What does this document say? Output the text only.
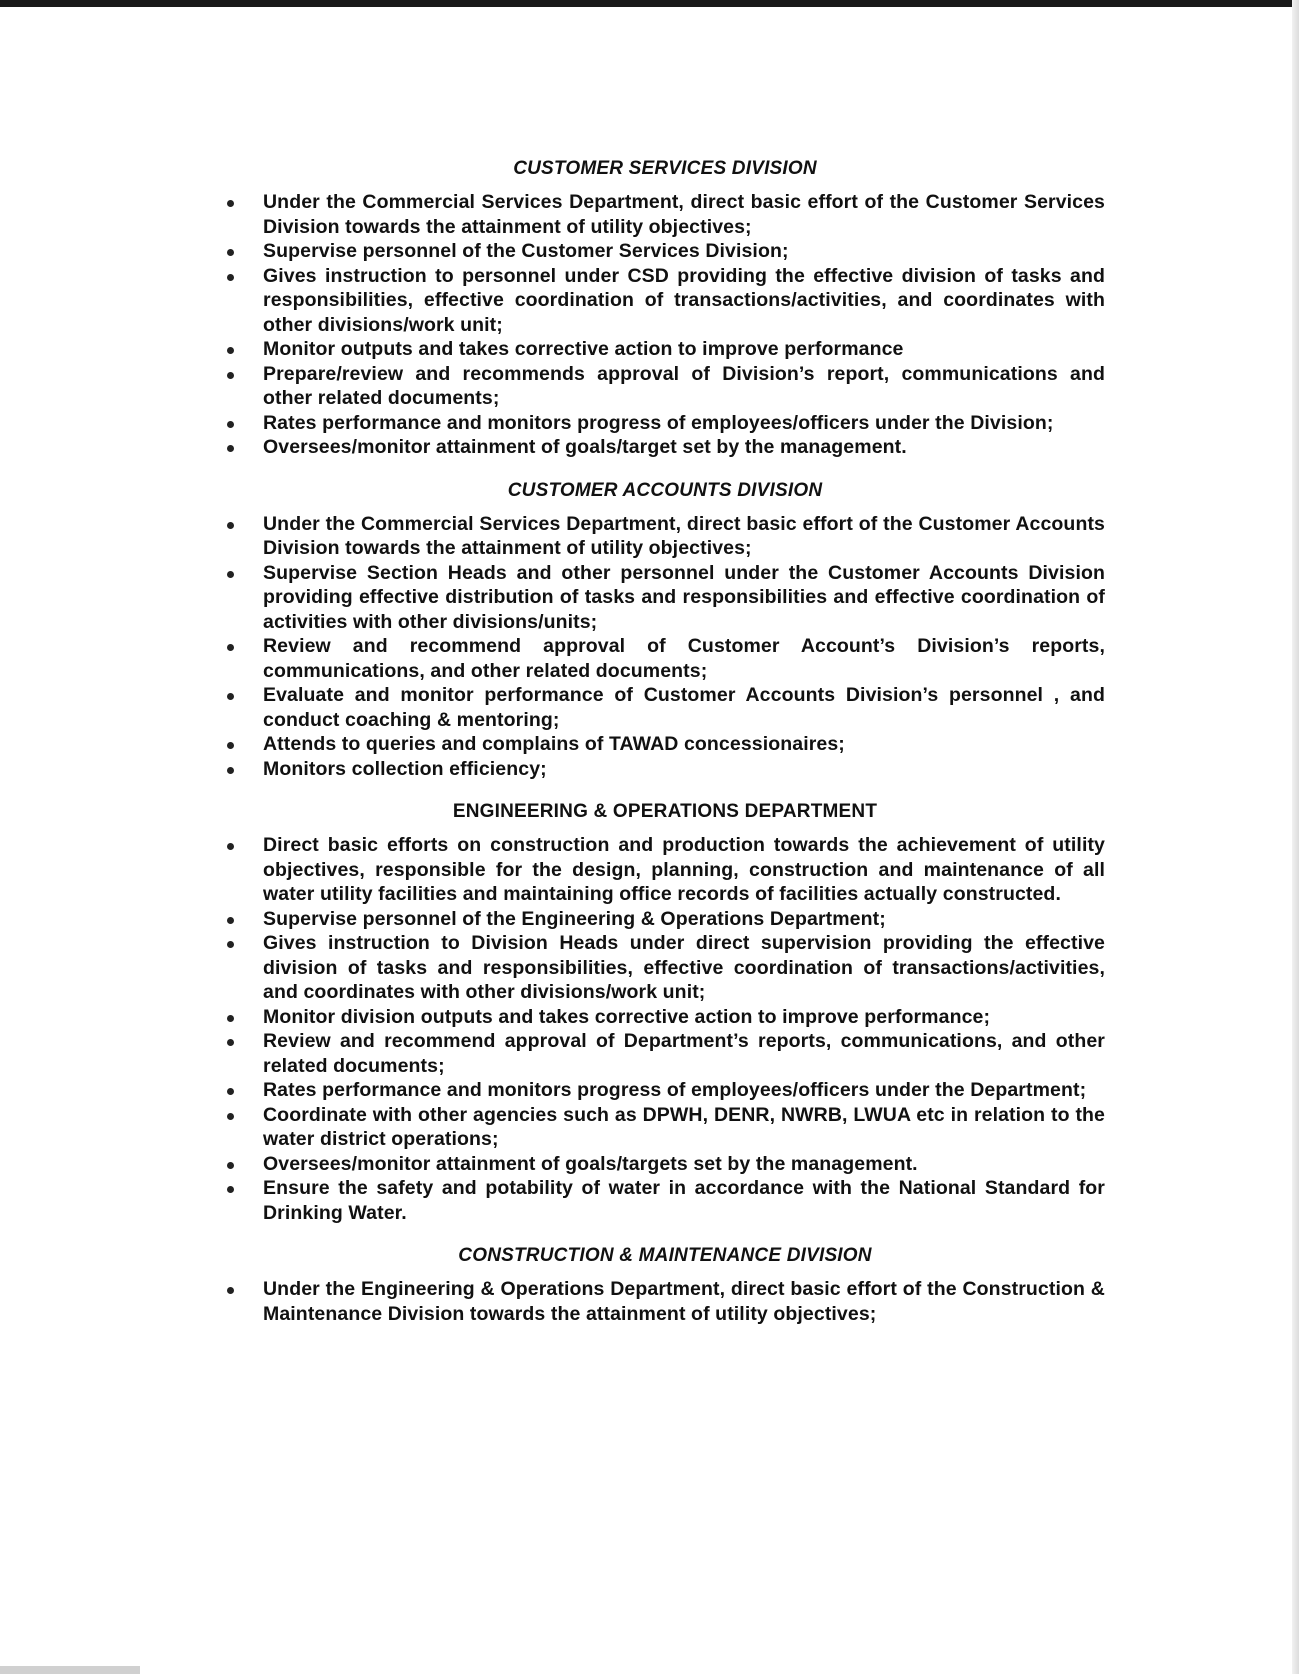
CUSTOMER SERVICES DIVISION
Under the Commercial Services Department, direct basic effort of the Customer Services Division towards the attainment of utility objectives;
Supervise personnel of the Customer Services Division;
Gives instruction to personnel under CSD providing the effective division of tasks and responsibilities, effective coordination of transactions/activities, and coordinates with other divisions/work unit;
Monitor outputs and takes corrective action to improve performance
Prepare/review and recommends approval of Division’s report, communications and other related documents;
Rates performance and monitors progress of employees/officers under the Division;
Oversees/monitor attainment of goals/target set by the management.
CUSTOMER ACCOUNTS DIVISION
Under the Commercial Services Department, direct basic effort of the Customer Accounts Division towards the attainment of utility objectives;
Supervise Section Heads and other personnel under the Customer Accounts Division providing effective distribution of tasks and responsibilities and effective coordination of activities with other divisions/units;
Review and recommend approval of Customer Account’s Division’s reports, communications, and other related documents;
Evaluate and monitor performance of Customer Accounts Division’s personnel , and conduct coaching & mentoring;
Attends to queries and complains of TAWAD concessionaires;
Monitors collection efficiency;
ENGINEERING & OPERATIONS DEPARTMENT
Direct basic efforts on construction and production towards the achievement of utility objectives, responsible for the design, planning, construction and maintenance of all water utility facilities and maintaining office records of facilities actually constructed.
Supervise personnel of the Engineering & Operations Department;
Gives instruction to Division Heads under direct supervision providing the effective division of tasks and responsibilities, effective coordination of transactions/activities, and coordinates with other divisions/work unit;
Monitor division outputs and takes corrective action to improve performance;
Review and recommend approval of Department’s reports, communications, and other related documents;
Rates performance and monitors progress of employees/officers under the Department;
Coordinate with other agencies such as DPWH, DENR, NWRB, LWUA etc in relation to the water district operations;
Oversees/monitor attainment of goals/targets set by the management.
Ensure the safety and potability of water in accordance with the National Standard for Drinking Water.
CONSTRUCTION & MAINTENANCE DIVISION
Under the Engineering & Operations Department, direct basic effort of the Construction & Maintenance Division towards the attainment of utility objectives;
